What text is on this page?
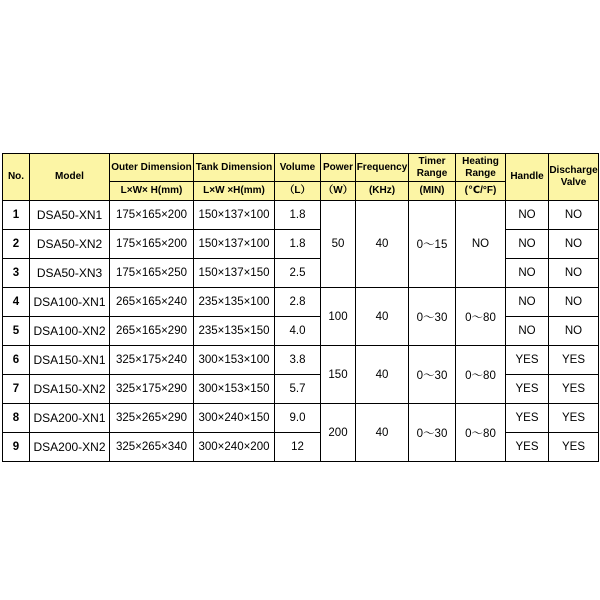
No.	Model	Outer Dimension	Tank Dimension	Volume	Power	Frequency	Timer Range	Heating Range	Handle	Discharge Valve
		L×W× H(mm)	L×W ×H(mm)	（L）	（W）	(KHz)	(MIN)	(℃/°F)		
1	DSA50-XN1	175×165×200	150×137×100	1.8	50	40	0～15	NO	NO	NO
2	DSA50-XN2	175×165×200	150×137×100	1.8					NO	NO
3	DSA50-XN3	175×165×250	150×137×150	2.5					NO	NO
4	DSA100-XN1	265×165×240	235×135×100	2.8	100	40	0～30	0～80	NO	NO
5	DSA100-XN2	265×165×290	235×135×150	4.0					NO	NO
6	DSA150-XN1	325×175×240	300×153×100	3.8	150	40	0～30	0～80	YES	YES
7	DSA150-XN2	325×175×290	300×153×150	5.7					YES	YES
8	DSA200-XN1	325×265×290	300×240×150	9.0	200	40	0～30	0～80	YES	YES
9	DSA200-XN2	325×265×340	300×240×200	12					YES	YES
